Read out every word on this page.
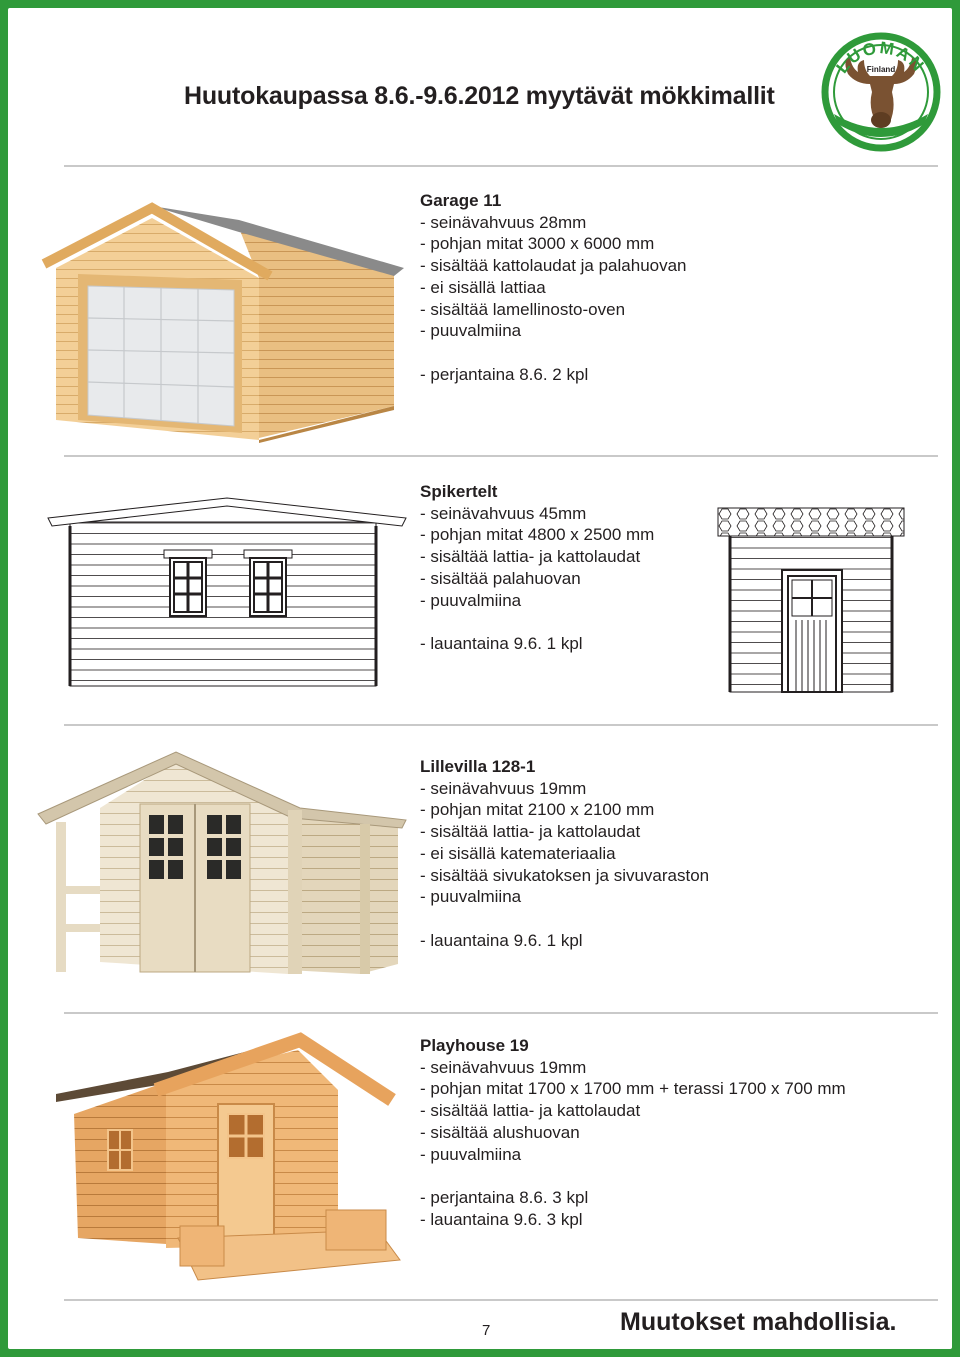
Huutokaupassa 8.6.-9.6.2012 myytävät mökkimallit
LUOMAN
Finland
Garage 11
- seinävahvuus 28mm
- pohjan mitat 3000 x 6000 mm
- sisältää kattolaudat ja palahuovan
- ei sisällä lattiaa
- sisältää lamellinosto-oven
- puuvalmiina
- perjantaina 8.6. 2 kpl
Spikertelt
- seinävahvuus 45mm
- pohjan mitat 4800 x 2500 mm
- sisältää lattia- ja kattolaudat
- sisältää palahuovan
- puuvalmiina
- lauantaina 9.6. 1 kpl
Lillevilla 128-1
- seinävahvuus 19mm
- pohjan mitat 2100 x 2100 mm
- sisältää lattia- ja kattolaudat
- ei sisällä katemateriaalia
- sisältää sivukatoksen ja sivuvaraston
- puuvalmiina
- lauantaina 9.6. 1 kpl
Playhouse 19
- seinävahvuus 19mm
- pohjan mitat 1700 x 1700 mm + terassi 1700 x 700 mm
- sisältää lattia- ja kattolaudat
- sisältää alushuovan
- puuvalmiina
- perjantaina 8.6. 3 kpl
- lauantaina 9.6. 3 kpl
7	Muutokset mahdollisia.
